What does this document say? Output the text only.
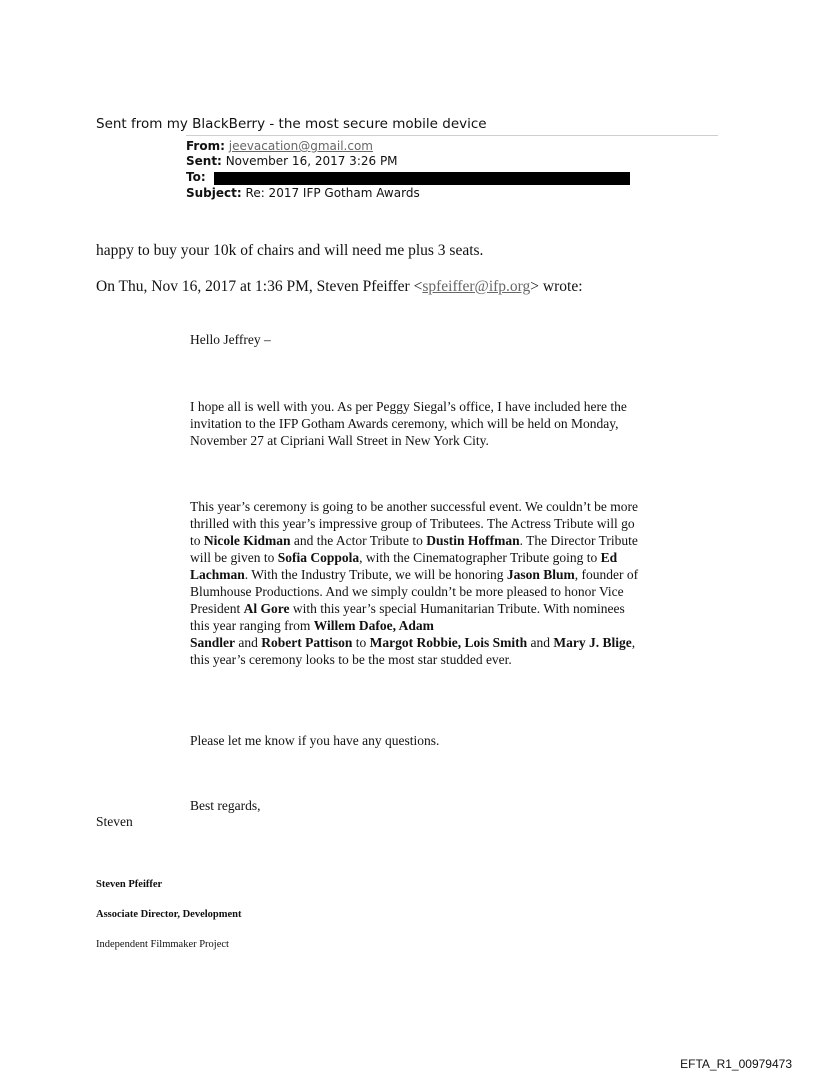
Sent from my BlackBerry - the most secure mobile device
From: jeevacation@gmail.com
Sent: November 16, 2017 3:26 PM
To:
Subject: Re: 2017 IFP Gotham Awards
happy to buy your 10k of chairs and will need me plus 3 seats.
On Thu, Nov 16, 2017 at 1:36 PM, Steven Pfeiffer <spfeiffer@ifp.org> wrote:
Hello Jeffrey –
I hope all is well with you. As per Peggy Siegal’s office, I have included here the invitation to the IFP Gotham Awards ceremony, which will be held on Monday, November 27 at Cipriani Wall Street in New York City.
This year’s ceremony is going to be another successful event. We couldn’t be more thrilled with this year’s impressive group of Tributees. The Actress Tribute will go to Nicole Kidman and the Actor Tribute to Dustin Hoffman. The Director Tribute will be given to Sofia Coppola, with the Cinematographer Tribute going to Ed Lachman. With the Industry Tribute, we will be honoring Jason Blum, founder of Blumhouse Productions. And we simply couldn’t be more pleased to honor Vice President Al Gore with this year’s special Humanitarian Tribute. With nominees this year ranging from Willem Dafoe, Adam
Sandler and Robert Pattison to Margot Robbie, Lois Smith and Mary J. Blige, this year’s ceremony looks to be the most star studded ever.
Please let me know if you have any questions.
Best regards,
Steven
Steven Pfeiffer
Associate Director, Development
Independent Filmmaker Project
EFTA_R1_00979473
